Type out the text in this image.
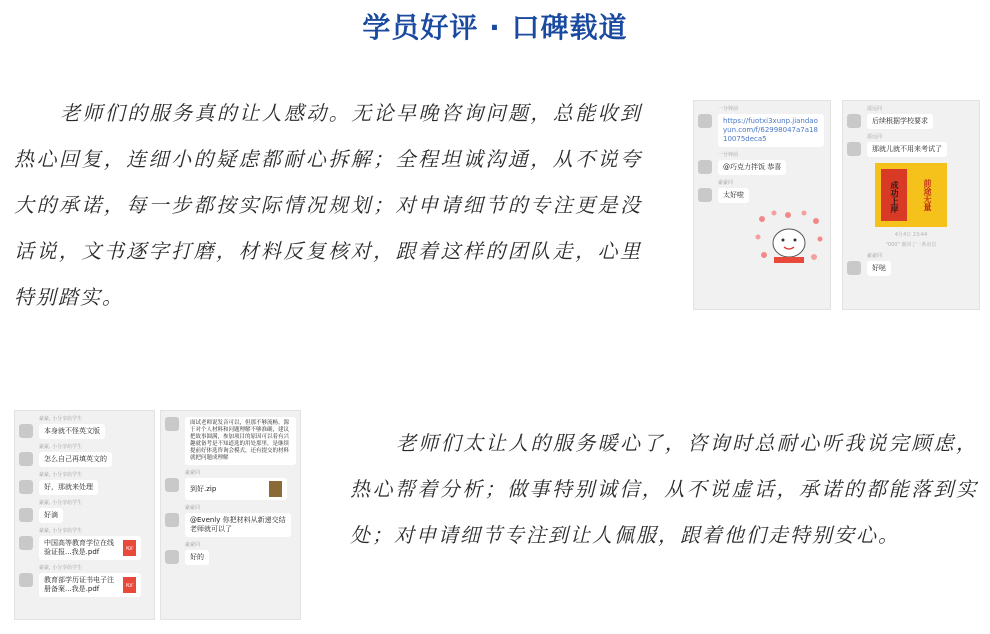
学员好评 · 口碑载道
老师们的服务真的让人感动。无论早晚咨询问题，总能收到热心回复，连细小的疑虑都耐心拆解；全程坦诚沟通，从不说夸大的承诺，每一步都按实际情况规划；对申请细节的专注更是没话说，文书逐字打磨，材料反复核对，跟着这样的团队走，心里特别踏实。
老师们太让人的服务暖心了，咨询时总耐心听我说完顾虑，热心帮着分析；做事特别诚信，从不说虚话，承诺的都能落到实处；对申请细节专注到让人佩服，跟着他们走特别安心。
一分钟前
https://fuotxi3xunp.jiandaoyun.com/f/62998047a7a1810075deca5
一分钟前
@巧克力拌饭 恭喜
豪豪同
太好啦
遥远同
后续根据学校要求
遥远同
那就儿就不用来考试了
成功上岸	前途无量
4月4日 23:44
"000" 撤回了一条消息
豪豪同
好哒
豪豪, 小分享给学生
本身就不怪英文版
豪豪, 小分享给学生
怎么自己再填英文的
豪豪, 小分享给学生
好，那就来处理
豪豪, 小分享给学生
好滴
豪豪, 小分享给学生
中国高等教育学位在线验证报...我是.pdf	PDF
豪豪, 小分享给学生
教育部学历证书电子注册备案...我是.pdf	PDF
面试老师说发音可以，但那不够流畅。源于对个人材料和问题理解不够准确，建议把故事圆满，参加项目的原因可以着有兴趣就备考是不知道选的用处那里，是继续提前好体选咨询会模式，还有提交的材料就把问题成理解
豪豪同
到好.zip
豪豪同
@Evenly 你把材料从新递交结老师就可以了
豪豪同
好的
